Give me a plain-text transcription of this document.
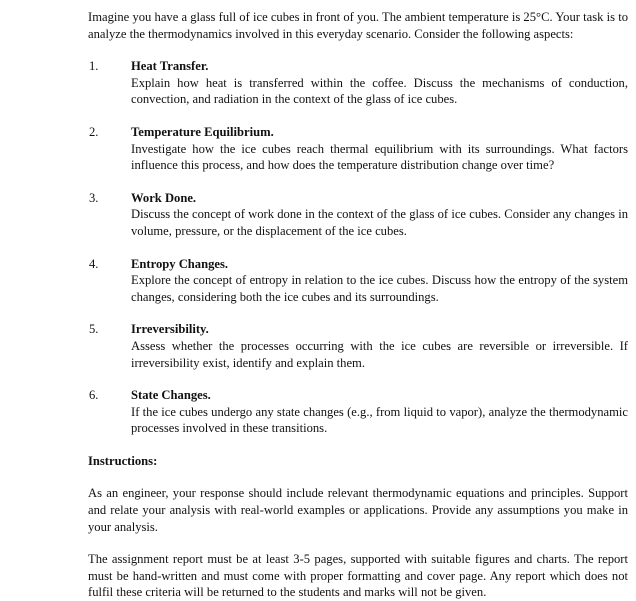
Imagine you have a glass full of ice cubes in front of you. The ambient temperature is 25°C. Your task is to analyze the thermodynamics involved in this everyday scenario. Consider the following aspects:

1.	Heat Transfer.

Explain how heat is transferred within the coffee. Discuss the mechanisms of conduction, convection, and radiation in the context of the glass of ice cubes.

2.	Temperature Equilibrium.

Investigate how the ice cubes reach thermal equilibrium with its surroundings. What factors influence this process, and how does the temperature distribution change over time?

3.	Work Done.

Discuss the concept of work done in the context of the glass of ice cubes. Consider any changes in volume, pressure, or the displacement of the ice cubes.

4.	Entropy Changes.

Explore the concept of entropy in relation to the ice cubes. Discuss how the entropy of the system changes, considering both the ice cubes and its surroundings.

5.	Irreversibility.

Assess whether the processes occurring with the ice cubes are reversible or irreversible. If irreversibility exist, identify and explain them.

6.	State Changes.

If the ice cubes undergo any state changes (e.g., from liquid to vapor), analyze the thermodynamic processes involved in these transitions.

Instructions:

As an engineer, your response should include relevant thermodynamic equations and principles. Support and relate your analysis with real-world examples or applications. Provide any assumptions you make in your analysis.

The assignment report must be at least 3-5 pages, supported with suitable figures and charts. The report must be hand-written and must come with proper formatting and cover page. Any report which does not fulfil these criteria will be returned to the students and marks will not be given.
